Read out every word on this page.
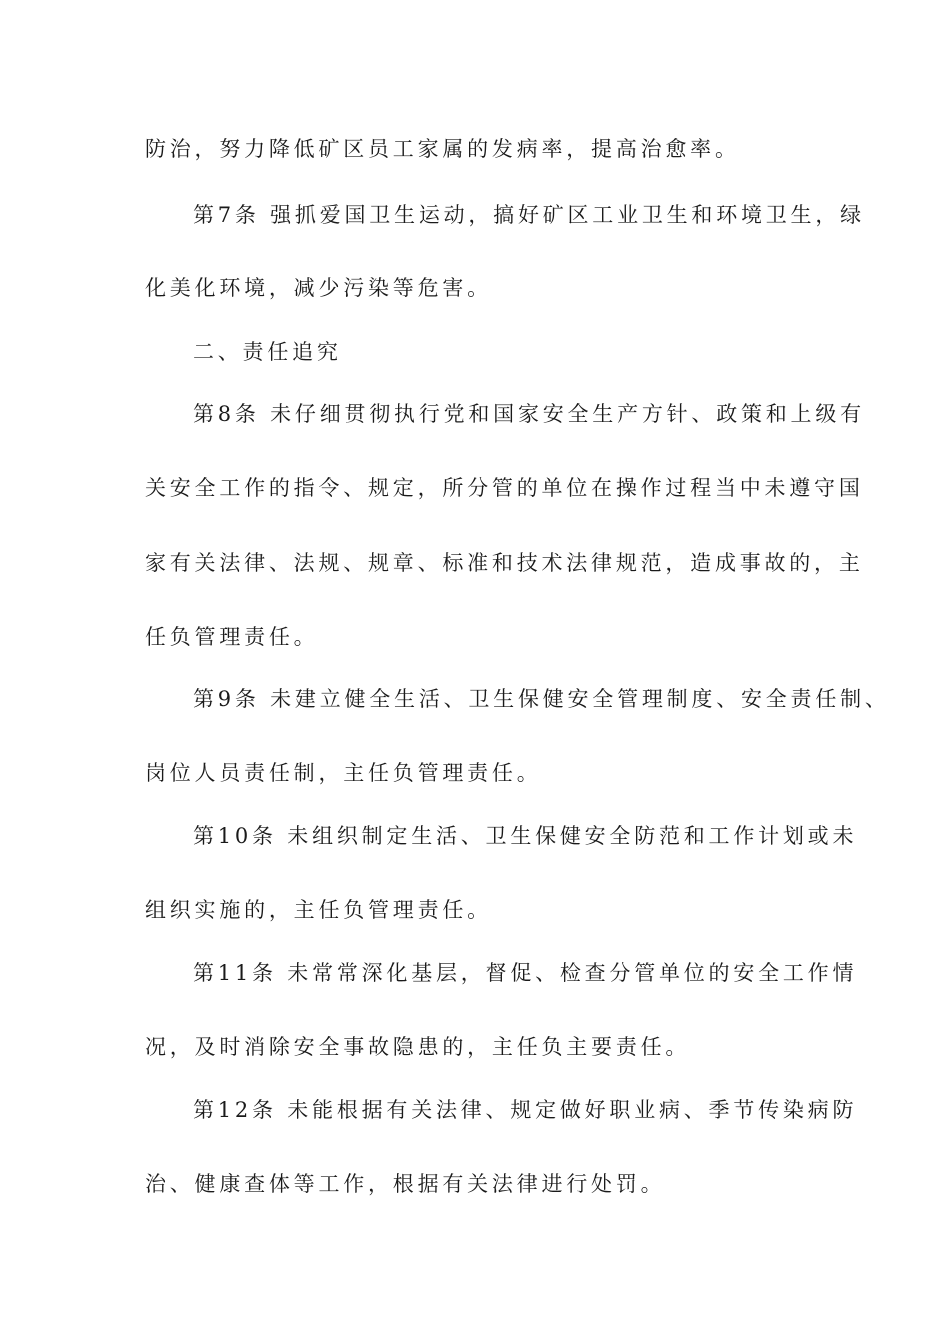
防治，努力降低矿区员工家属的发病率，提高治愈率。
第7条 强抓爱国卫生运动，搞好矿区工业卫生和环境卫生，绿
化美化环境，减少污染等危害。
二、责任追究
第8条 未仔细贯彻执行党和国家安全生产方针、政策和上级有
关安全工作的指令、规定，所分管的单位在操作过程当中未遵守国
家有关法律、法规、规章、标准和技术法律规范，造成事故的，主
任负管理责任。
第9条 未建立健全生活、卫生保健安全管理制度、安全责任制、
岗位人员责任制，主任负管理责任。
第10条 未组织制定生活、卫生保健安全防范和工作计划或未
组织实施的，主任负管理责任。
第11条 未常常深化基层，督促、检查分管单位的安全工作情
况，及时消除安全事故隐患的，主任负主要责任。
第12条 未能根据有关法律、规定做好职业病、季节传染病防
治、健康查体等工作，根据有关法律进行处罚。
